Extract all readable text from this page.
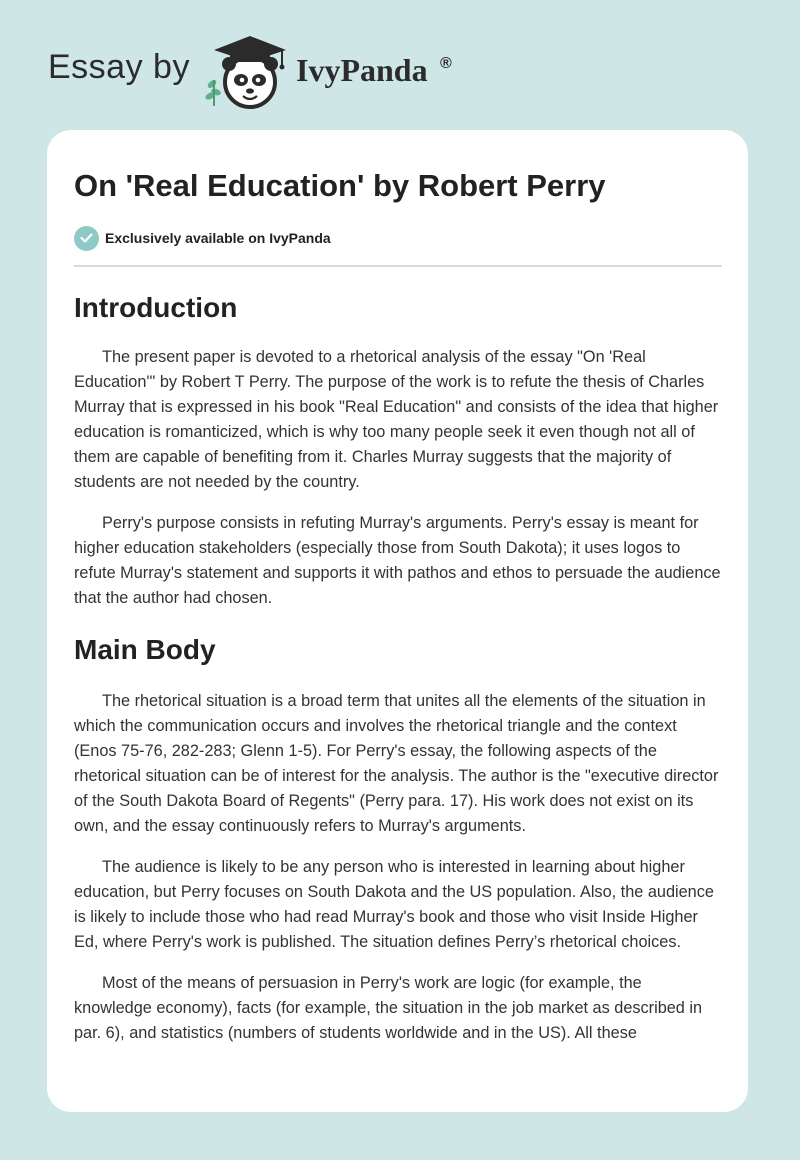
Essay by	IvyPanda ®
On 'Real Education' by Robert Perry
Exclusively available on IvyPanda
Introduction

The present paper is devoted to a rhetorical analysis of the essay "On 'Real Education'" by Robert T Perry. The purpose of the work is to refute the thesis of Charles Murray that is expressed in his book "Real Education" and consists of the idea that higher education is romanticized, which is why too many people seek it even though not all of them are capable of benefiting from it. Charles Murray suggests that the majority of students are not needed by the country.

Perry's purpose consists in refuting Murray's arguments. Perry's essay is meant for higher education stakeholders (especially those from South Dakota); it uses logos to refute Murray's statement and supports it with pathos and ethos to persuade the audience that the author had chosen.

Main Body

The rhetorical situation is a broad term that unites all the elements of the situation in which the communication occurs and involves the rhetorical triangle and the context (Enos 75-76, 282-283; Glenn 1-5). For Perry's essay, the following aspects of the rhetorical situation can be of interest for the analysis. The author is the "executive director of the South Dakota Board of Regents" (Perry para. 17). His work does not exist on its own, and the essay continuously refers to Murray's arguments.

The audience is likely to be any person who is interested in learning about higher education, but Perry focuses on South Dakota and the US population. Also, the audience is likely to include those who had read Murray's book and those who visit Inside Higher Ed, where Perry's work is published. The situation defines Perry’s rhetorical choices.

Most of the means of persuasion in Perry's work are logic (for example, the knowledge economy), facts (for example, the situation in the job market as described in par. 6), and statistics (numbers of students worldwide and in the US). All these
